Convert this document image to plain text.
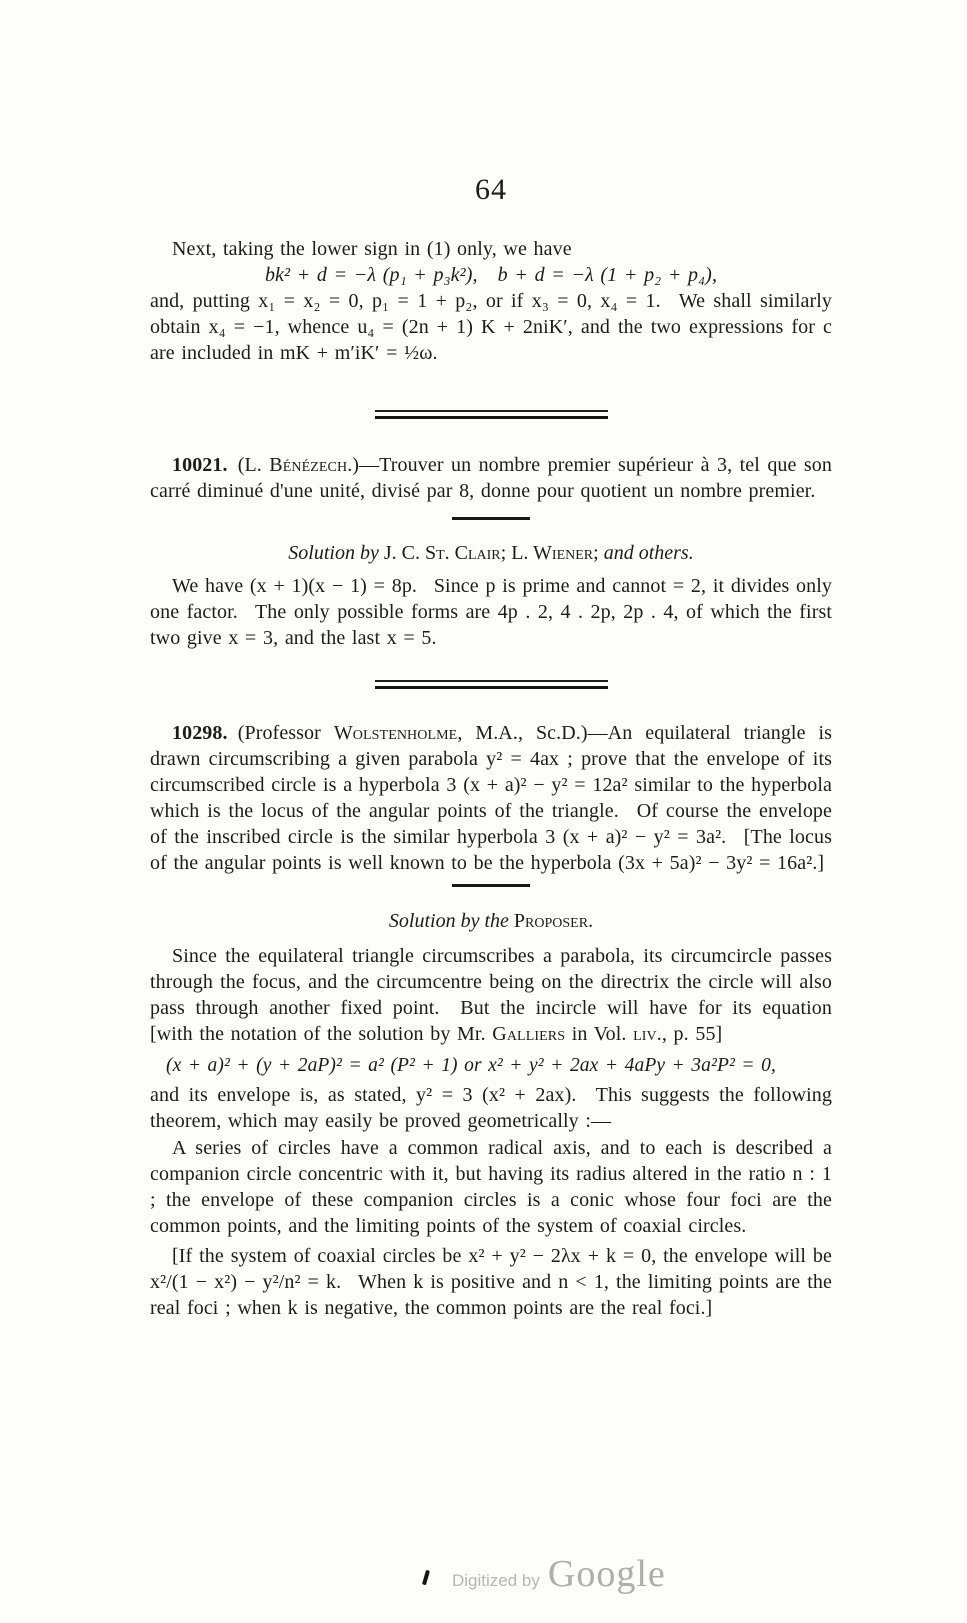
64

Next, taking the lower sign in (1) only, we have

bk² + d = −λ (p₁ + p₃k²), b + d = −λ (1 + p₂ + p₄),

and, putting x₁ = x₂ = 0, p₁ = 1 + p₂, or if x₃ = 0, x₄ = 1.  We shall similarly obtain x₄ = −1, whence u₄ = (2n + 1) K + 2niK′, and the two expressions for c are included in mK + m′iK′ = ½ω.

10021. (L. Bénézech.)—Trouver un nombre premier supérieur à 3, tel que son carré diminué d'une unité, divisé par 8, donne pour quotient un nombre premier.

Solution by J. C. St. Clair; L. Wiener; and others.

We have (x + 1)(x − 1) = 8p.  Since p is prime and cannot = 2, it divides only one factor.  The only possible forms are 4p . 2, 4 . 2p, 2p . 4, of which the first two give x = 3, and the last x = 5.

10298. (Professor Wolstenholme, M.A., Sc.D.)—An equilateral triangle is drawn circumscribing a given parabola y² = 4ax ; prove that the envelope of its circumscribed circle is a hyperbola 3 (x + a)² − y² = 12a² similar to the hyperbola which is the locus of the angular points of the triangle.  Of course the envelope of the inscribed circle is the similar hyperbola 3 (x + a)² − y² = 3a².  [The locus of the angular points is well known to be the hyperbola (3x + 5a)² − 3y² = 16a².]

Solution by the Proposer.

Since the equilateral triangle circumscribes a parabola, its circumcircle passes through the focus, and the circumcentre being on the directrix the circle will also pass through another fixed point.  But the incircle will have for its equation [with the notation of the solution by Mr. Galliers in Vol. liv., p. 55]

(x + a)² + (y + 2aP)² = a² (P² + 1) or x² + y² + 2ax + 4aPy + 3a²P² = 0,

and its envelope is, as stated, y² = 3 (x² + 2ax).  This suggests the following theorem, which may easily be proved geometrically :—

A series of circles have a common radical axis, and to each is described a companion circle concentric with it, but having its radius altered in the ratio n : 1 ; the envelope of these companion circles is a conic whose four foci are the common points, and the limiting points of the system of coaxial circles.

[If the system of coaxial circles be x² + y² − 2λx + k = 0, the envelope will be x²/(1 − x²) − y²/n² = k.  When k is positive and n < 1, the limiting points are the real foci ; when k is negative, the common points are the real foci.]

Digitized by Google
